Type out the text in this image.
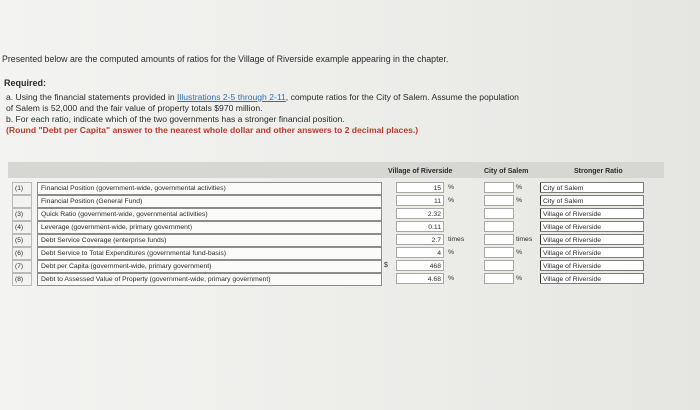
Presented below are the computed amounts of ratios for the Village of Riverside example appearing in the chapter.
Required:
a. Using the financial statements provided in Illustrations 2-5 through 2-11, compute ratios for the City of Salem. Assume the population
of Salem is 52,000 and the fair value of property totals $970 million.
b. For each ratio, indicate which of the two governments has a stronger financial position.
(Round "Debt per Capita" answer to the nearest whole dollar and other answers to 2 decimal places.)
Village of Riverside	City of Salem	Stronger Ratio
(1)	Financial Position (government-wide, governmental activities)	15	%	%	City of Salem
Financial Position (General Fund)	11	%	%	City of Salem
(3)	Quick Ratio (government-wide, governmental activities)	2.32	Village of Riverside
(4)	Leverage (government-wide, primary government)	0.11	Village of Riverside
(5)	Debt Service Coverage (enterprise funds)	2.7	times	times	Village of Riverside
(6)	Debt Service to Total Expenditures (governmental fund-basis)	4	%	%	Village of Riverside
(7)	Debt per Capita (government-wide, primary government)	$	468	Village of Riverside
(8)	Debt to Assessed Value of Property (government-wide, primary government)	4.68	%	%	Village of Riverside
